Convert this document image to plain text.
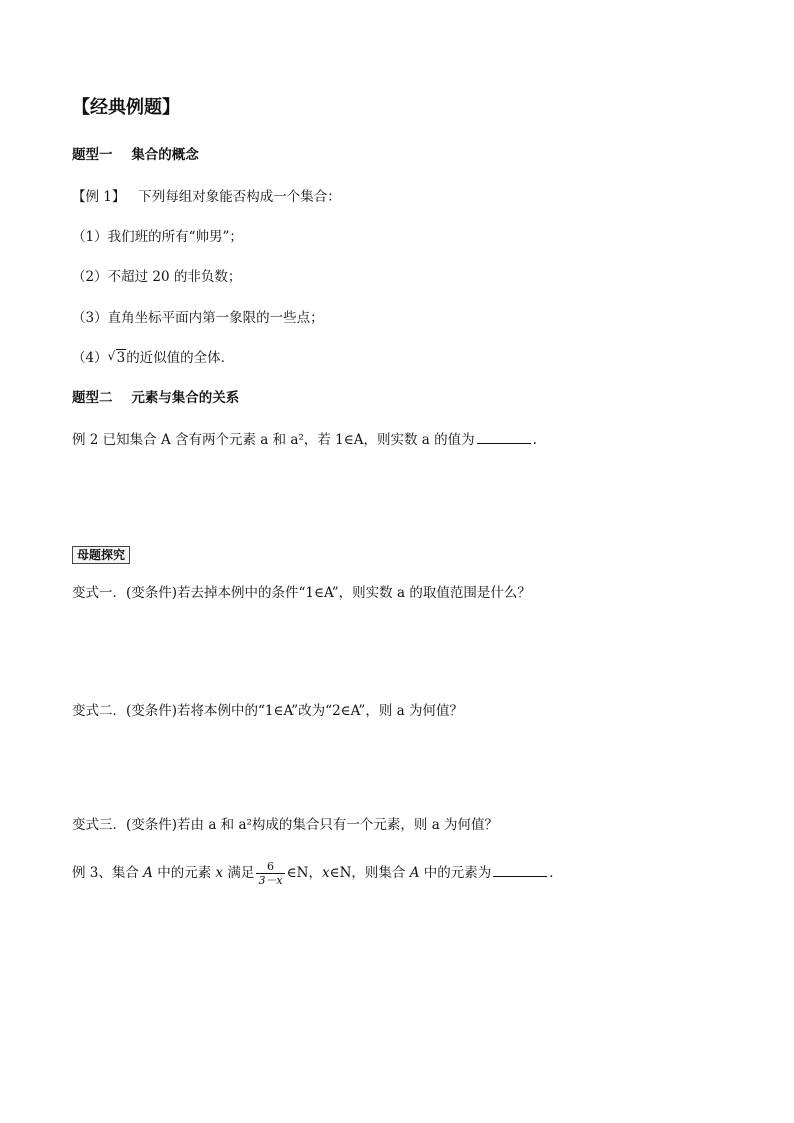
【经典例题】
题型一 集合的概念
【例 1】 下列每组对象能否构成一个集合：
（1）我们班的所有“帅男”；
（2）不超过 20 的非负数；
（3）直角坐标平面内第一象限的一些点；
（4） √ 3的近似值的全体．
题型二 元素与集合的关系
例 2 已知集合 A 含有两个元素 a 和 a²，若 1∈A，则实数 a 的值为	.
母题探究
变式一．(变条件)若去掉本例中的条件“1∈A”，则实数 a 的取值范围是什么？
变式二．(变条件)若将本例中的“1∈A”改为“2∈A”，则 a 为何值？
变式三．(变条件)若由 a 和 a²构成的集合只有一个元素，则 a 为何值？
例 3、集合 A 中的元素 x 满足 $\frac{6}{3-x}$ ∈N，x∈N，则集合 A 中的元素为	．
